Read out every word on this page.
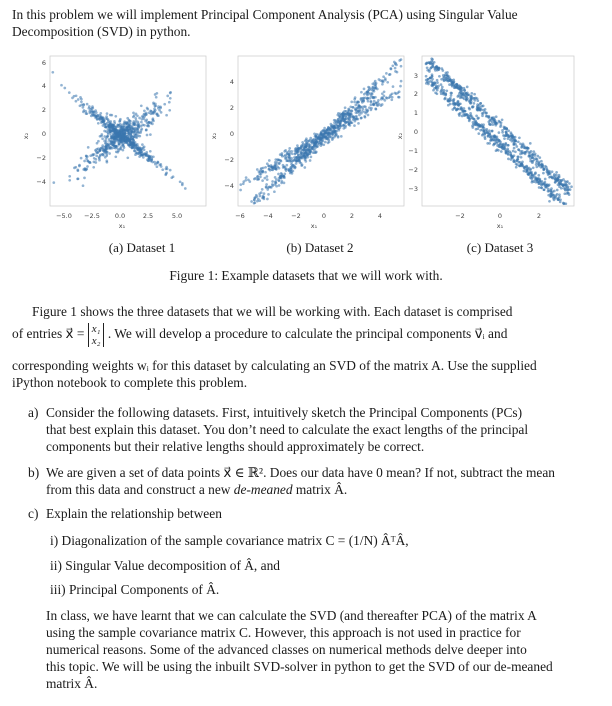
In this problem we will implement Principal Component Analysis (PCA) using Singular Value Decomposition (SVD) in python.
−5.0 −2.5 0.0	2.5	5.0
6
4
2
0
−2
−4
x₁
x₂
−6	−4	−2	0	2	4
4
2
0
−2
−4
x₁
x₂
−2	0	2
3
2
1
0
−1
−2
−3
x₁
x₂
(a) Dataset 1	(b) Dataset 2	(c) Dataset 3
Figure 1: Example datasets that we will work with.
Figure 1 shows the three datasets that we will be working with. Each dataset is comprised
of entries x⃗ = x₁
x₂ . We will develop a procedure to calculate the principal components v⃗ᵢ and
corresponding weights wᵢ for this dataset by calculating an SVD of the matrix A. Use the supplied
iPython notebook to complete this problem.
a) Consider the following datasets. First, intuitively sketch the Principal Components (PCs)
that best explain this dataset. You don’t need to calculate the exact lengths of the principal
components but their relative lengths should approximately be correct.
b) We are given a set of data points x⃗ ∈ ℝ². Does our data have 0 mean? If not, subtract the mean
from this data and construct a new de-meaned matrix Â.
c) Explain the relationship between
i) Diagonalization of the sample covariance matrix C = (1/N) ÂᵀÂ,
ii) Singular Value decomposition of Â, and
iii) Principal Components of Â.
In class, we have learnt that we can calculate the SVD (and thereafter PCA) of the matrix A
using the sample covariance matrix C. However, this approach is not used in practice for
numerical reasons. Some of the advanced classes on numerical methods delve deeper into
this topic. We will be using the inbuilt SVD-solver in python to get the SVD of our de-meaned
matrix Â.
